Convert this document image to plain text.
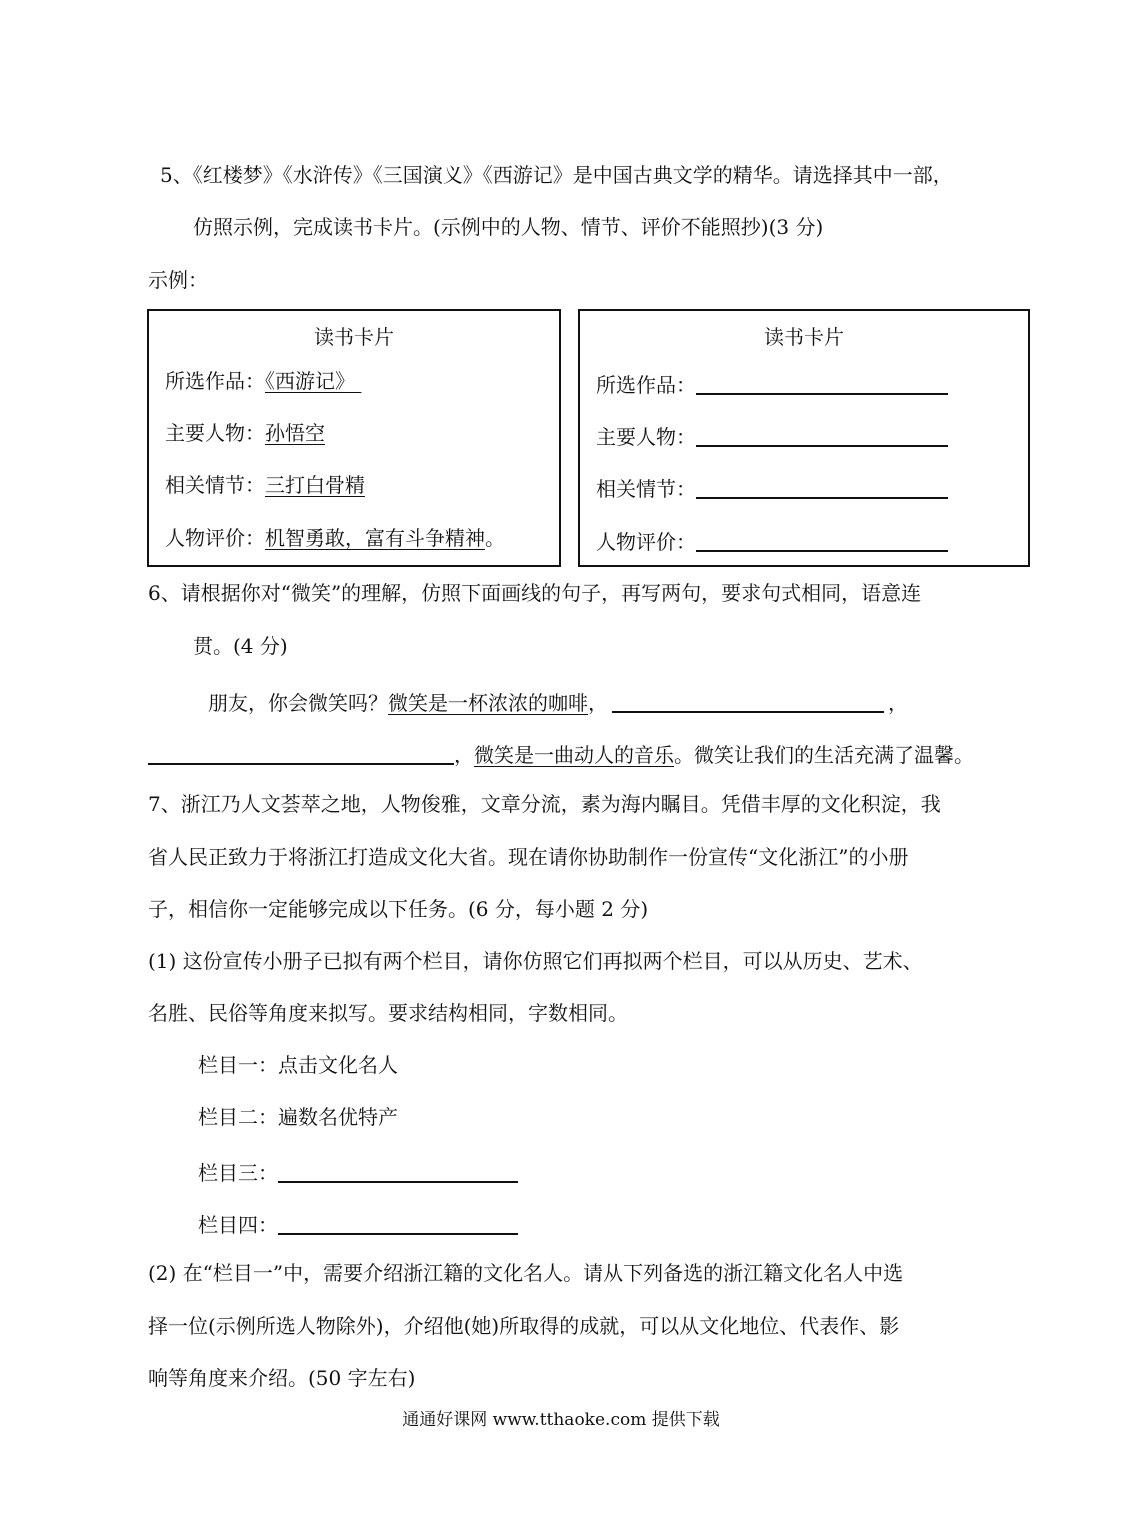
5、《红楼梦》《水浒传》《三国演义》《西游记》是中国古典文学的精华。请选择其中一部，
仿照示例，完成读书卡片。(示例中的人物、情节、评价不能照抄)(3 分)
示例：
读书卡片
所选作品：《西游记》
主要人物：孙悟空
相关情节：三打白骨精
人物评价：机智勇敢，富有斗争精神。
读书卡片
所选作品：
主要人物：
相关情节：
人物评价：
6、请根据你对“微笑”的理解，仿照下面画线的句子，再写两句，要求句式相同，语意连
贯。(4 分)
朋友，你会微笑吗？微笑是一杯浓浓的咖啡，	，
，微笑是一曲动人的音乐。微笑让我们的生活充满了温馨。
7、浙江乃人文荟萃之地，人物俊雅，文章分流，素为海内瞩目。凭借丰厚的文化积淀，我
省人民正致力于将浙江打造成文化大省。现在请你协助制作一份宣传“文化浙江”的小册
子，相信你一定能够完成以下任务。(6 分，每小题 2 分)
(1) 这份宣传小册子已拟有两个栏目，请你仿照它们再拟两个栏目，可以从历史、艺术、
名胜、民俗等角度来拟写。要求结构相同，字数相同。
栏目一：点击文化名人
栏目二：遍数名优特产
栏目三：
栏目四：
(2) 在“栏目一”中，需要介绍浙江籍的文化名人。请从下列备选的浙江籍文化名人中选
择一位(示例所选人物除外)，介绍他(她)所取得的成就，可以从文化地位、代表作、影
响等角度来介绍。(50 字左右)
通通好课网 www.tthaoke.com 提供下载
